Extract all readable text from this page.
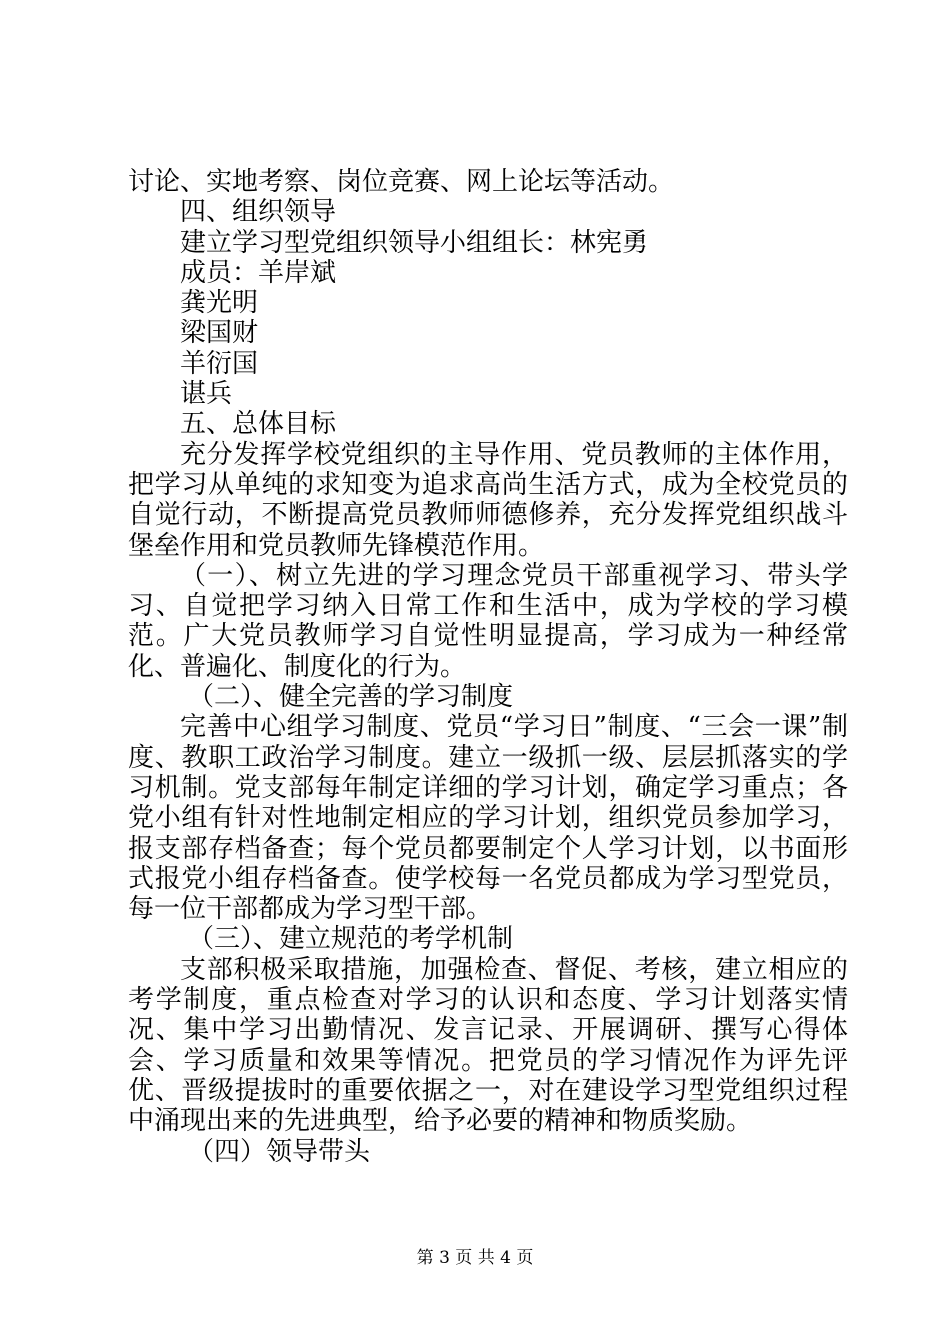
讨论、实地考察、岗位竞赛、网上论坛等活动。

四、组织领导

建立学习型党组织领导小组组长：林宪勇

成员：羊岸斌

龚光明

梁国财

羊衍国

谌兵

五、总体目标

充分发挥学校党组织的主导作用、党员教师的主体作用，把学习从单纯的求知变为追求高尚生活方式，成为全校党员的自觉行动，不断提高党员教师师德修养，充分发挥党组织战斗堡垒作用和党员教师先锋模范作用。

（一）、树立先进的学习理念党员干部重视学习、带头学习、自觉把学习纳入日常工作和生活中，成为学校的学习模范。广大党员教师学习自觉性明显提高，学习成为一种经常化、普遍化、制度化的行为。

（二）、健全完善的学习制度

完善中心组学习制度、党员“学习日”制度、“三会一课”制度、教职工政治学习制度。建立一级抓一级、层层抓落实的学习机制。党支部每年制定详细的学习计划，确定学习重点；各党小组有针对性地制定相应的学习计划，组织党员参加学习，报支部存档备查；每个党员都要制定个人学习计划，以书面形式报党小组存档备查。使学校每一名党员都成为学习型党员，每一位干部都成为学习型干部。

（三）、建立规范的考学机制

支部积极采取措施，加强检查、督促、考核，建立相应的考学制度，重点检查对学习的认识和态度、学习计划落实情况、集中学习出勤情况、发言记录、开展调研、撰写心得体会、学习质量和效果等情况。把党员的学习情况作为评先评优、晋级提拔时的重要依据之一，对在建设学习型党组织过程中涌现出来的先进典型，给予必要的精神和物质奖励。

（四）领导带头

第 3 页 共 4 页
